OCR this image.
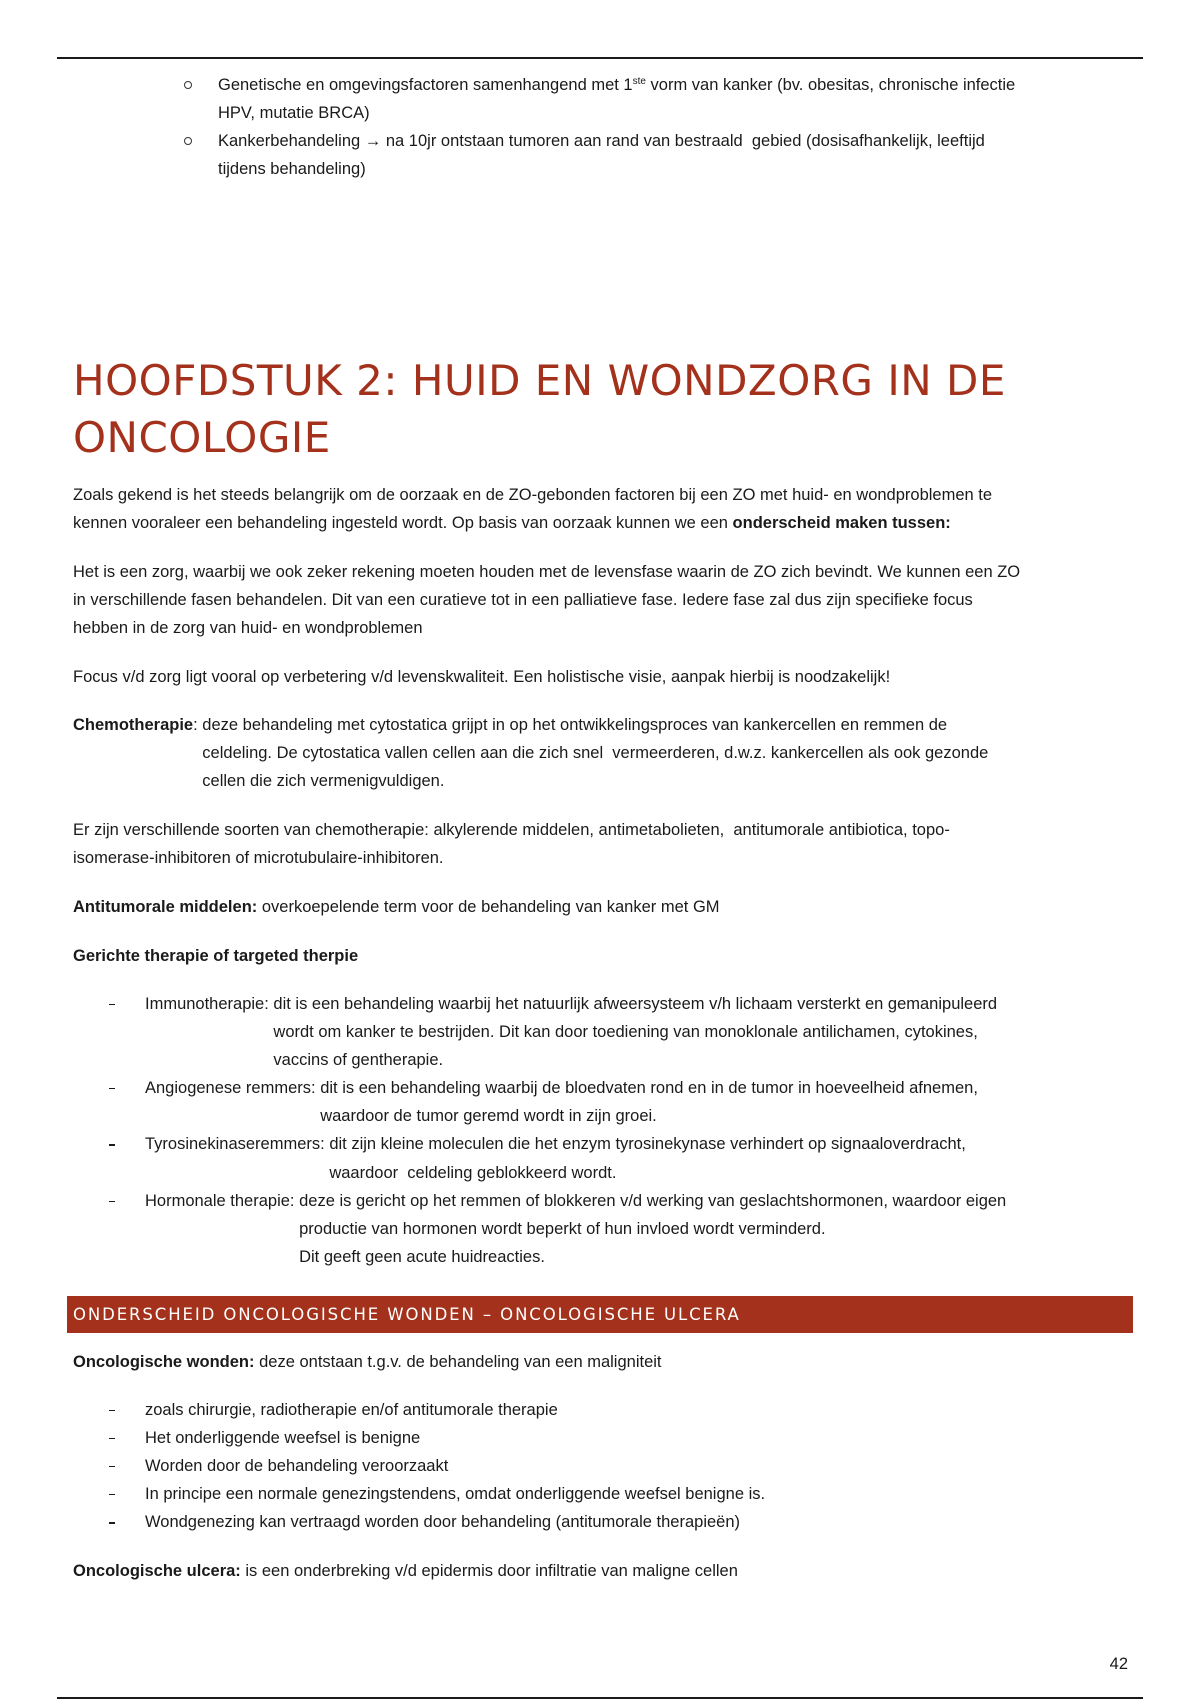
Genetische en omgevingsfactoren samenhangend met 1ste vorm van kanker (bv. obesitas, chronische infectie
HPV, mutatie BRCA)
Kankerbehandeling → na 10jr ontstaan tumoren aan rand van bestraald  gebied (dosisafhankelijk, leeftijd
tijdens behandeling)
HOOFDSTUK 2: HUID EN WONDZORG IN DE
ONCOLOGIE
Zoals gekend is het steeds belangrijk om de oorzaak en de ZO-gebonden factoren bij een ZO met huid- en wondproblemen te
kennen vooraleer een behandeling ingesteld wordt. Op basis van oorzaak kunnen we een onderscheid maken tussen:
Het is een zorg, waarbij we ook zeker rekening moeten houden met de levensfase waarin de ZO zich bevindt. We kunnen een ZO
in verschillende fasen behandelen. Dit van een curatieve tot in een palliatieve fase. Iedere fase zal dus zijn specifieke focus
hebben in de zorg van huid- en wondproblemen
Focus v/d zorg ligt vooral op verbetering v/d levenskwaliteit. Een holistische visie, aanpak hierbij is noodzakelijk!
Chemotherapie: deze behandeling met cytostatica grijpt in op het ontwikkelingsproces van kankercellen en remmen de
celdeling. De cytostatica vallen cellen aan die zich snel  vermeerderen, d.w.z. kankercellen als ook gezonde
cellen die zich vermenigvuldigen.
Er zijn verschillende soorten van chemotherapie: alkylerende middelen, antimetabolieten,  antitumorale antibiotica, topo-
isomerase-inhibitoren of microtubulaire-inhibitoren.
Antitumorale middelen: overkoepelende term voor de behandeling van kanker met GM
Gerichte therapie of targeted therpie
Immunotherapie: dit is een behandeling waarbij het natuurlijk afweersysteem v/h lichaam versterkt en gemanipuleerd
wordt om kanker te bestrijden. Dit kan door toediening van monoklonale antilichamen, cytokines,
vaccins of gentherapie.
Angiogenese remmers: dit is een behandeling waarbij de bloedvaten rond en in de tumor in hoeveelheid afnemen,
waardoor de tumor geremd wordt in zijn groei.
Tyrosinekinaseremmers: dit zijn kleine moleculen die het enzym tyrosinekynase verhindert op signaaloverdracht,
waardoor  celdeling geblokkeerd wordt.
Hormonale therapie: deze is gericht op het remmen of blokkeren v/d werking van geslachtshormonen, waardoor eigen
productie van hormonen wordt beperkt of hun invloed wordt verminderd.
Dit geeft geen acute huidreacties.
ONDERSCHEID ONCOLOGISCHE WONDEN – ONCOLOGISCHE ULCERA
Oncologische wonden: deze ontstaan t.g.v. de behandeling van een maligniteit
zoals chirurgie, radiotherapie en/of antitumorale therapie
Het onderliggende weefsel is benigne
Worden door de behandeling veroorzaakt
In principe een normale genezingstendens, omdat onderliggende weefsel benigne is.
Wondgenezing kan vertraagd worden door behandeling (antitumorale therapieën)
Oncologische ulcera: is een onderbreking v/d epidermis door infiltratie van maligne cellen
42
